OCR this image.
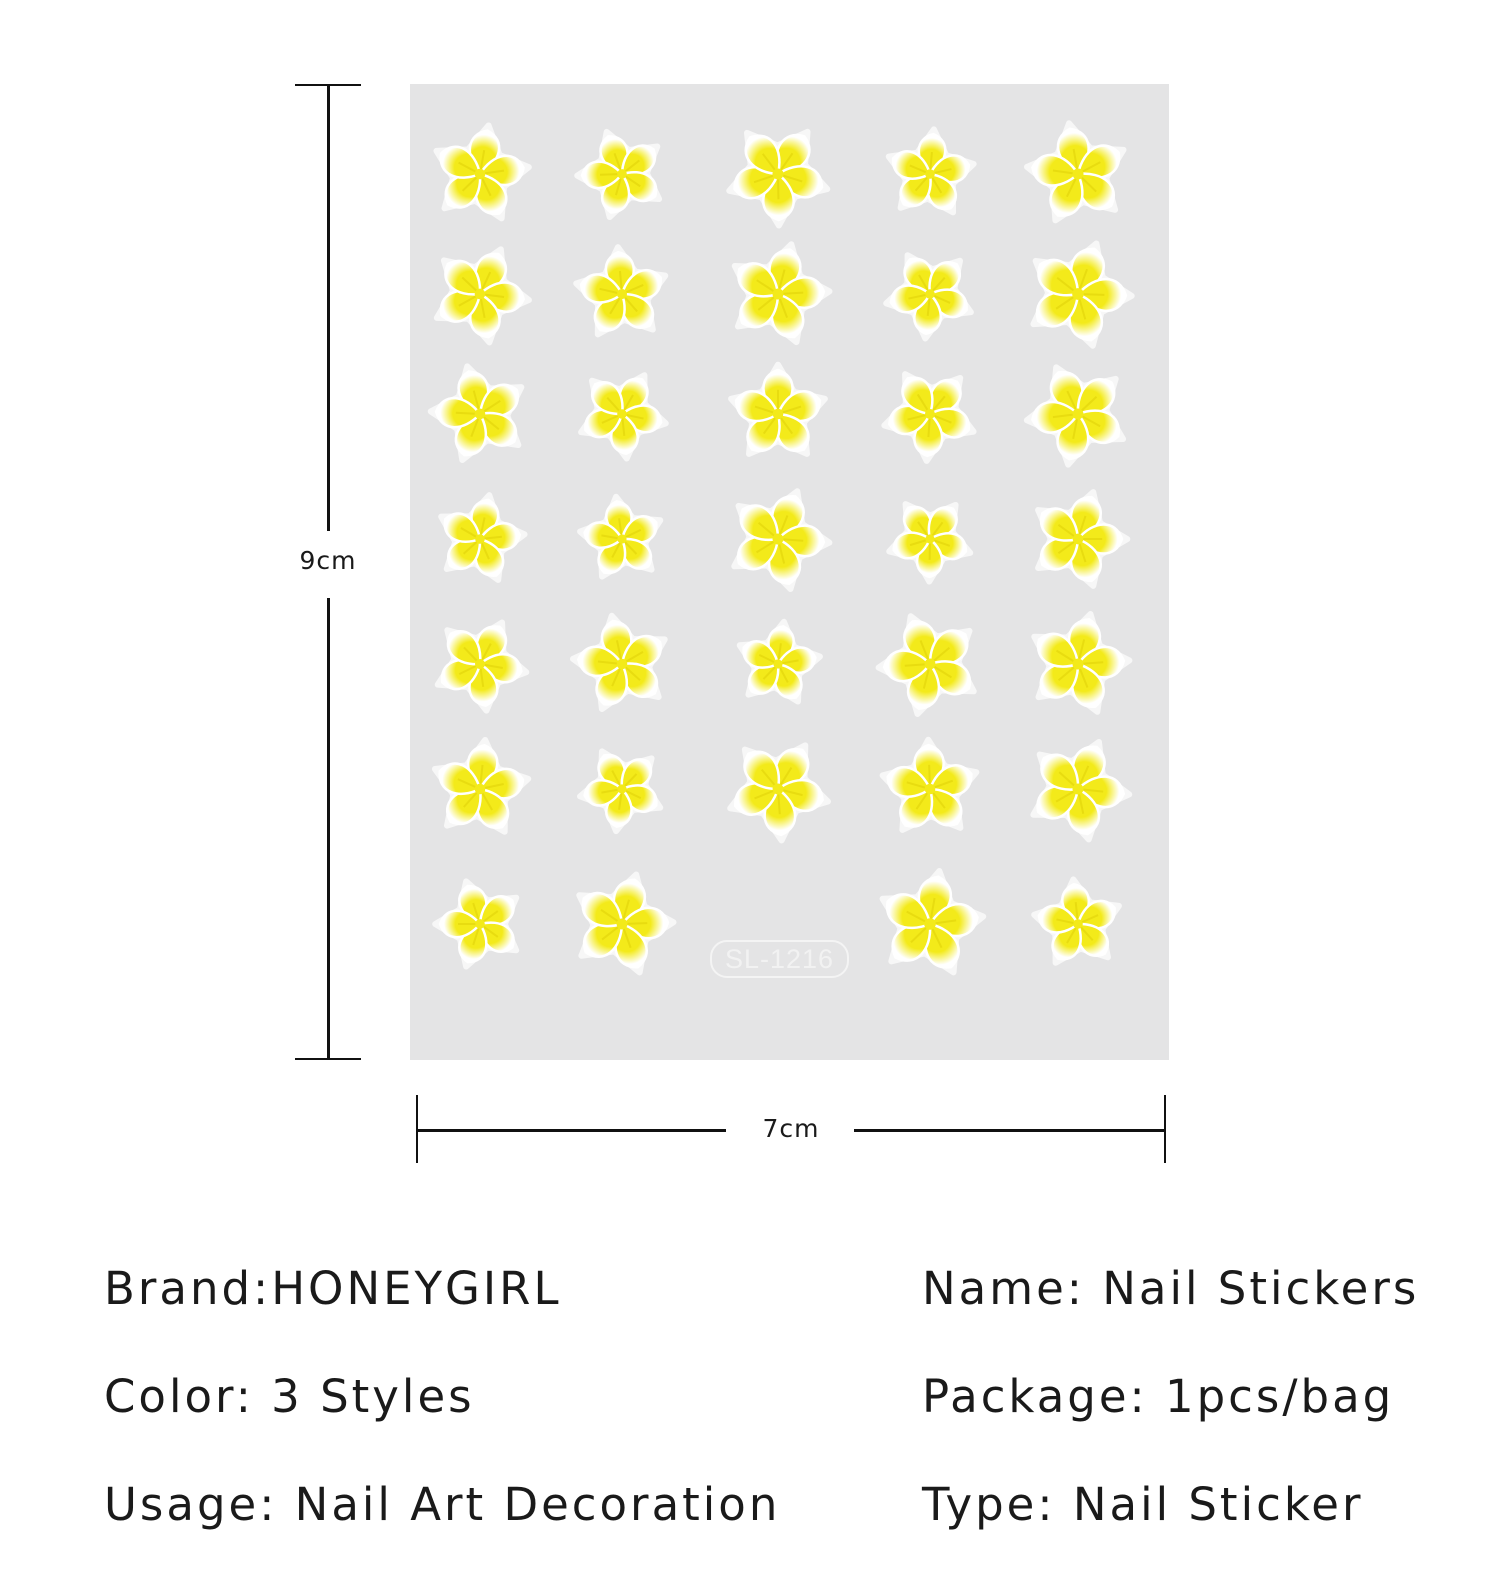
9cm
SL-1216
7cm
Brand:HONEYGIRL	Name: Nail Stickers
Color: 3 Styles	Package: 1pcs/bag
Usage: Nail Art Decoration	Type: Nail Sticker
